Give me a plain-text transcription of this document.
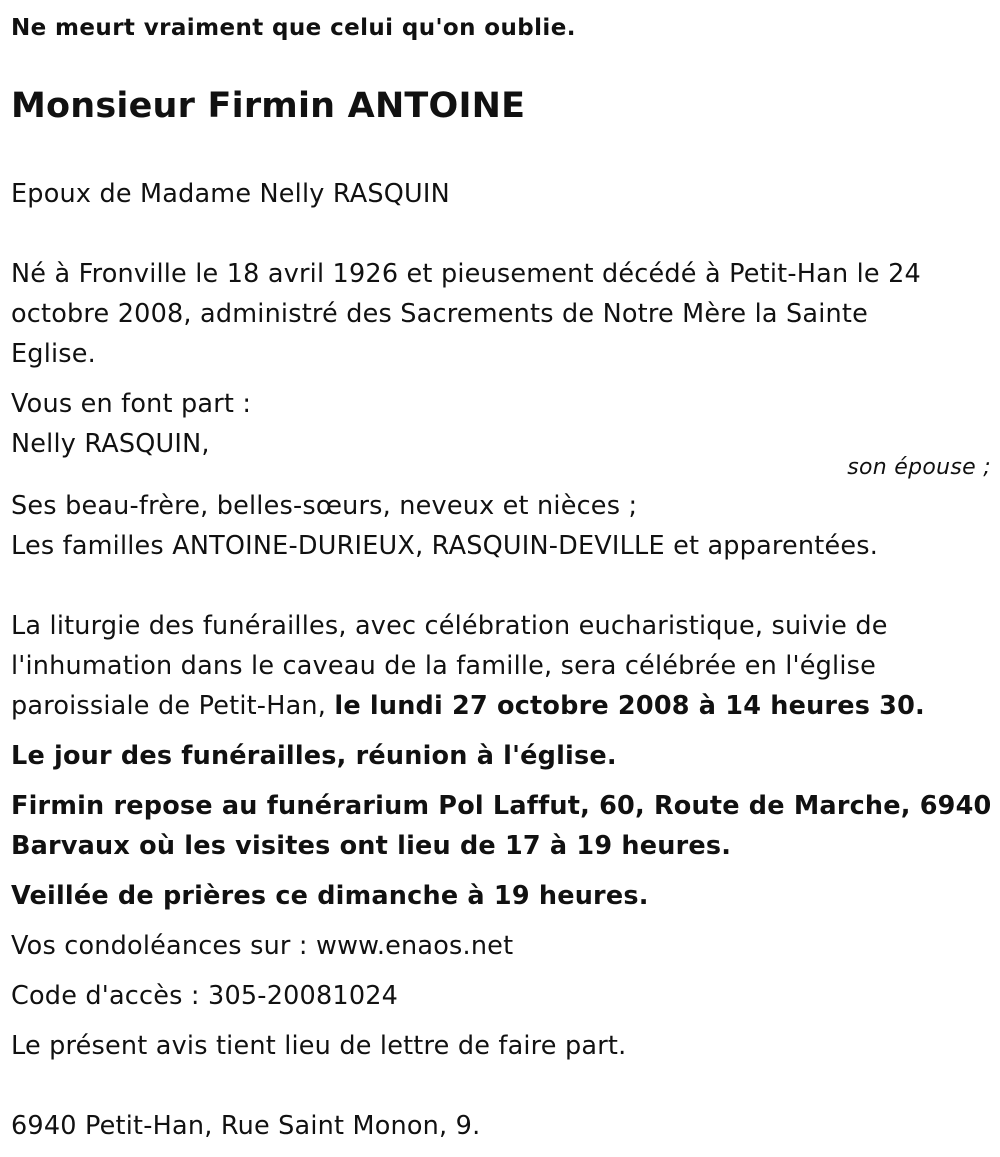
Ne meurt vraiment que celui qu'on oublie.
Monsieur Firmin ANTOINE
Epoux de Madame Nelly RASQUIN
Né à Fronville le 18 avril 1926 et pieusement décédé à Petit-Han le 24
octobre 2008, administré des Sacrements de Notre Mère la Sainte
Eglise.
Vous en font part :
Nelly RASQUIN,
son épouse ;
Ses beau-frère, belles-sœurs, neveux et nièces ;
Les familles ANTOINE-DURIEUX, RASQUIN-DEVILLE et apparentées.
La liturgie des funérailles, avec célébration eucharistique, suivie de
l'inhumation dans le caveau de la famille, sera célébrée en l'église
paroissiale de Petit-Han, le lundi 27 octobre 2008 à 14 heures 30.
Le jour des funérailles, réunion à l'église.
Firmin repose au funérarium Pol Laffut, 60, Route de Marche, 6940
Barvaux où les visites ont lieu de 17 à 19 heures.
Veillée de prières ce dimanche à 19 heures.
Vos condoléances sur : www.enaos.net
Code d'accès : 305-20081024
Le présent avis tient lieu de lettre de faire part.
6940 Petit-Han, Rue Saint Monon, 9.
